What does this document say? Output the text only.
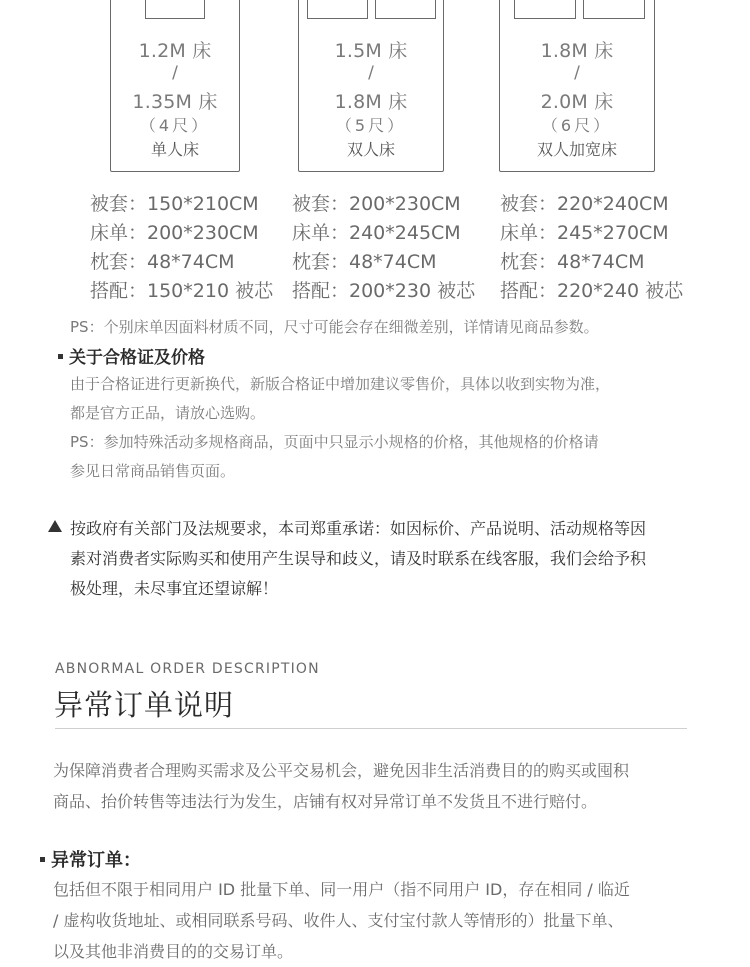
1.2M 床
/
1.35M 床
（4尺）
单人床
1.5M 床
/
1.8M 床
（5尺）
双人床
1.8M 床
/
2.0M 床
（6尺）
双人加宽床
被套：150*210CM
床单：200*230CM
枕套：48*74CM
搭配：150*210 被芯
被套：200*230CM
床单：240*245CM
枕套：48*74CM
搭配：200*230 被芯
被套：220*240CM
床单：245*270CM
枕套：48*74CM
搭配：220*240 被芯
PS：个别床单因面料材质不同，尺寸可能会存在细微差别，详情请见商品参数。
关于合格证及价格
由于合格证进行更新换代，新版合格证中增加建议零售价，具体以收到实物为准，
都是官方正品，请放心选购。
PS：参加特殊活动多规格商品，页面中只显示小规格的价格，其他规格的价格请
参见日常商品销售页面。
按政府有关部门及法规要求，本司郑重承诺：如因标价、产品说明、活动规格等因
素对消费者实际购买和使用产生误导和歧义，请及时联系在线客服，我们会给予积
极处理，未尽事宜还望谅解！
ABNORMAL ORDER DESCRIPTION
异常订单说明
为保障消费者合理购买需求及公平交易机会，避免因非生活消费目的的购买或囤积
商品、抬价转售等违法行为发生，店铺有权对异常订单不发货且不进行赔付。
异常订单：
包括但不限于相同用户 ID 批量下单、同一用户（指不同用户 ID，存在相同 / 临近
/ 虚构收货地址、或相同联系号码、收件人、支付宝付款人等情形的）批量下单、
以及其他非消费目的的交易订单。
